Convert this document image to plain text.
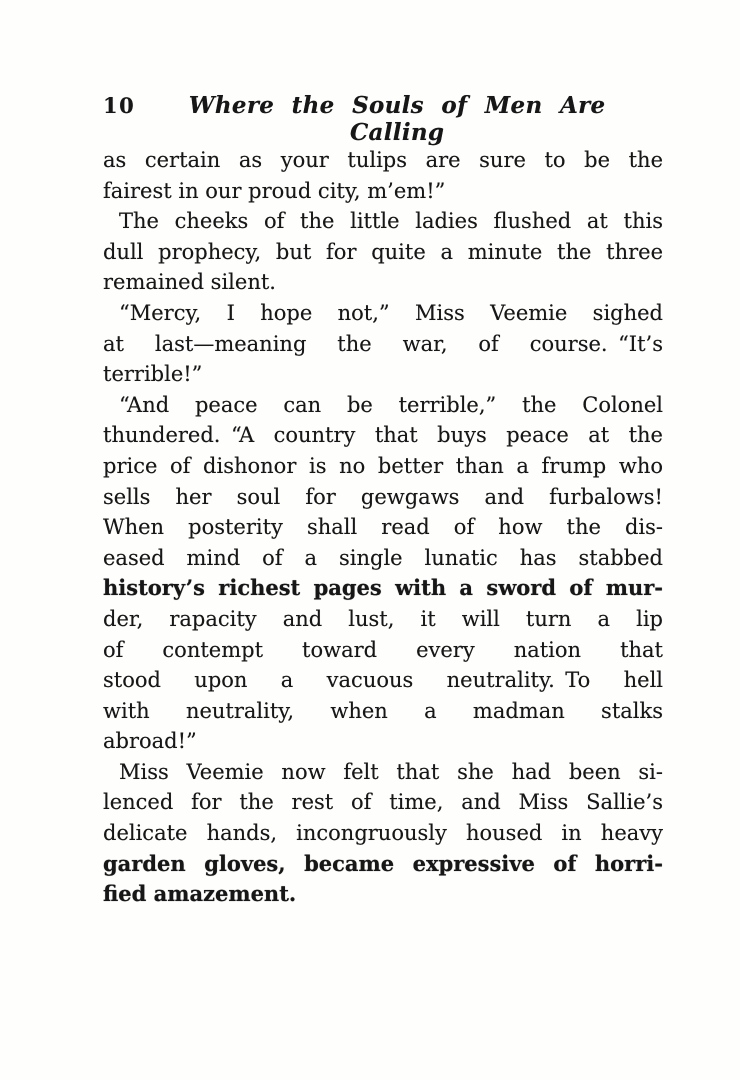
10	Where the Souls of Men Are Calling
as certain as your tulips are sure to be the
fairest in our proud city, m’em!”
The cheeks of the little ladies flushed at this
dull prophecy, but for quite a minute the three
remained silent.
“Mercy, I hope not,” Miss Veemie sighed
at last—meaning the war, of course. “It’s
terrible!”
“And peace can be terrible,” the Colonel
thundered. “A country that buys peace at the
price of dishonor is no better than a frump who
sells her soul for gewgaws and furbalows!
When posterity shall read of how the dis-
eased mind of a single lunatic has stabbed
history’s richest pages with a sword of mur-
der, rapacity and lust, it will turn a lip
of contempt toward every nation that
stood upon a vacuous neutrality. To hell
with neutrality, when a madman stalks
abroad!”
Miss Veemie now felt that she had been si-
lenced for the rest of time, and Miss Sallie’s
delicate hands, incongruously housed in heavy
garden gloves, became expressive of horri-
fied amazement.
